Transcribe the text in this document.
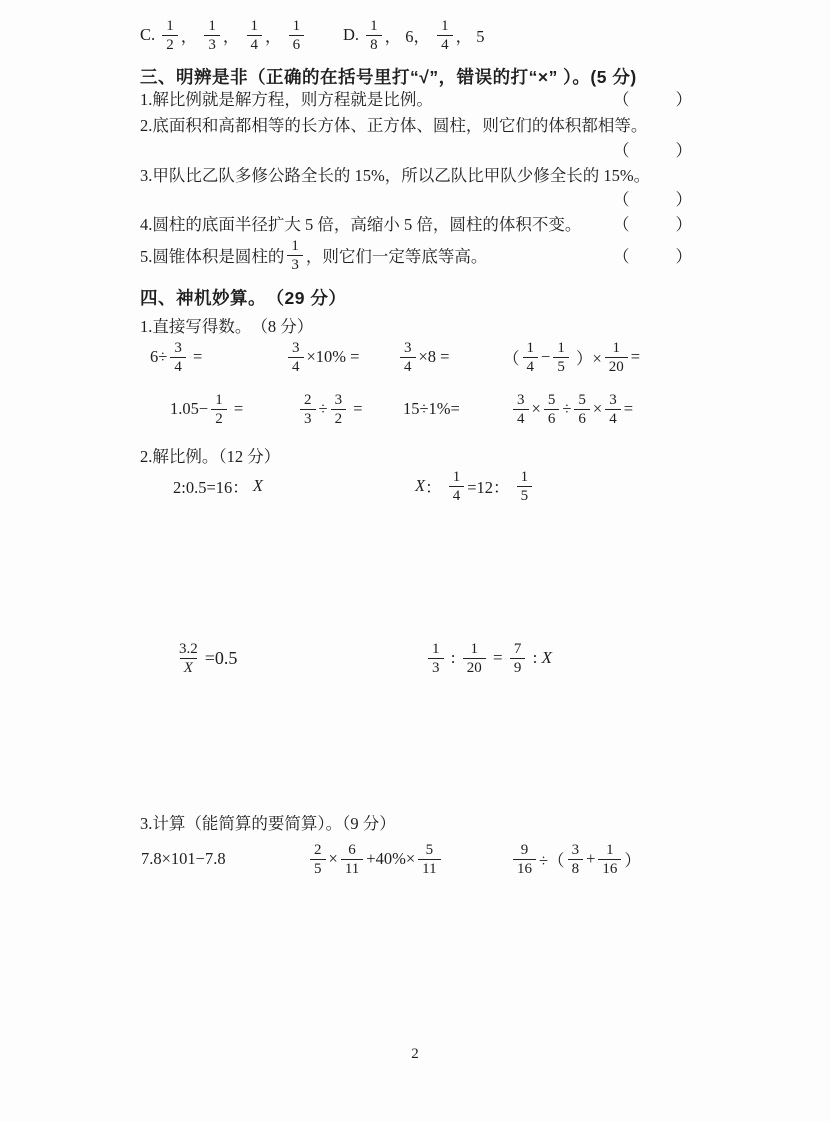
C. $\frac{1}{2}$ ， $\frac{1}{3}$ ， $\frac{1}{4}$ ， $\frac{1}{6} D$. $\frac{1}{8}$ ， 6， $\frac{1}{4}$ ， 5
三、明辨是非（正确的在括号里打“√”，错误的打“×” ）。(5 分)
1.解比例就是解方程，则方程就是比例。	（	）
2.底面积和高都相等的长方体、正方体、圆柱，则它们的体积都相等。
（	）
3.甲队比乙队多修公路全长的 15%，所以乙队比甲队少修全长的 15%。
（	）
4.圆柱的底面半径扩大 5 倍，高缩小 5 倍，圆柱的体积不变。 （	）
5.圆锥体积是圆柱的 $\frac{1}{3}$ ，则它们一定等底等高。	（	）
四、神机妙算。　（29 分）
1.直接写得数。　（8 分）
$6\div \frac{3}{4}$ =	$\frac{3}{4} \times 10\%$ =	$\frac{3}{4} \times 8$ =	（ $\frac{1}{4} - \frac{1}{5}$ ）× $\frac{1}{20}$ =
$1.05- \frac{1}{2}$ =	$\frac{2}{3} \div \frac{3}{2} = 15\div 1\%=$	$\frac{3}{4} \times \frac{5}{6} \div \frac{5}{6} \times \frac{3}{4}$ =
2.解比例。（12 分）
2:0.5=16： X	X ： $\frac{1}{4} =12$： $\frac{1}{5}$
$\frac{3.2}{X} =0.5$	$\frac{1}{3}$ : $\frac{1}{20} = \frac{7}{9}$ : X
3.计算（能简算的要简算）。（9 分）
7.8×101−7.8	$\frac{2}{5} \times \frac{6}{11} +40\%\times \frac{5}{11}$	$\frac{9}{16}$ ÷（ $\frac{3}{8} + \frac{1}{16}$ ）
2
